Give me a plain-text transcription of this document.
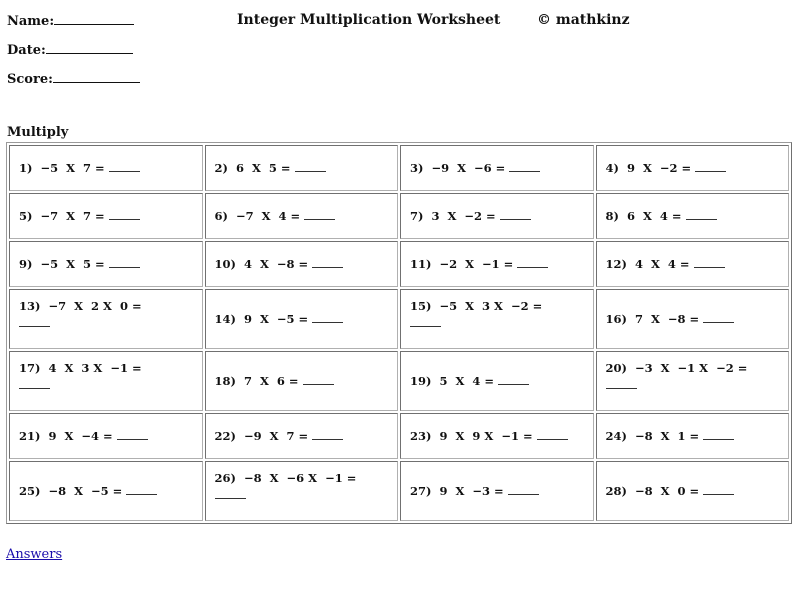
Name:
Date:
Score:
Integer Multiplication Worksheet	© mathkinz
Multiply
1) −5  X  7 =	2) 6  X  5 =	3) −9  X  −6 =	4) 9  X  −2 =
5) −7  X  7 =	6) −7  X  4 =	7) 3  X  −2 =	8) 6  X  4 =
9) −5  X  5 =	10) 4  X  −8 =	11) −2  X  −1 =	12) 4  X  4 =
13) −7  X  2 X  0 =	14) 9  X  −5 =	15) −5  X  3 X  −2 =	16) 7  X  −8 =
17) 4  X  3 X  −1 =	18) 7  X  6 =	19) 5  X  4 =	20) −3  X  −1 X  −2 =

21) 9  X  −4 =	22) −9  X  7 =	23) 9  X  9 X  −1 =	24) −8  X  1 =
25) −8  X  −5 =	26) −8  X  −6 X  −1 =	27) 9  X  −3 =	28) −8  X  0 =
Answers
